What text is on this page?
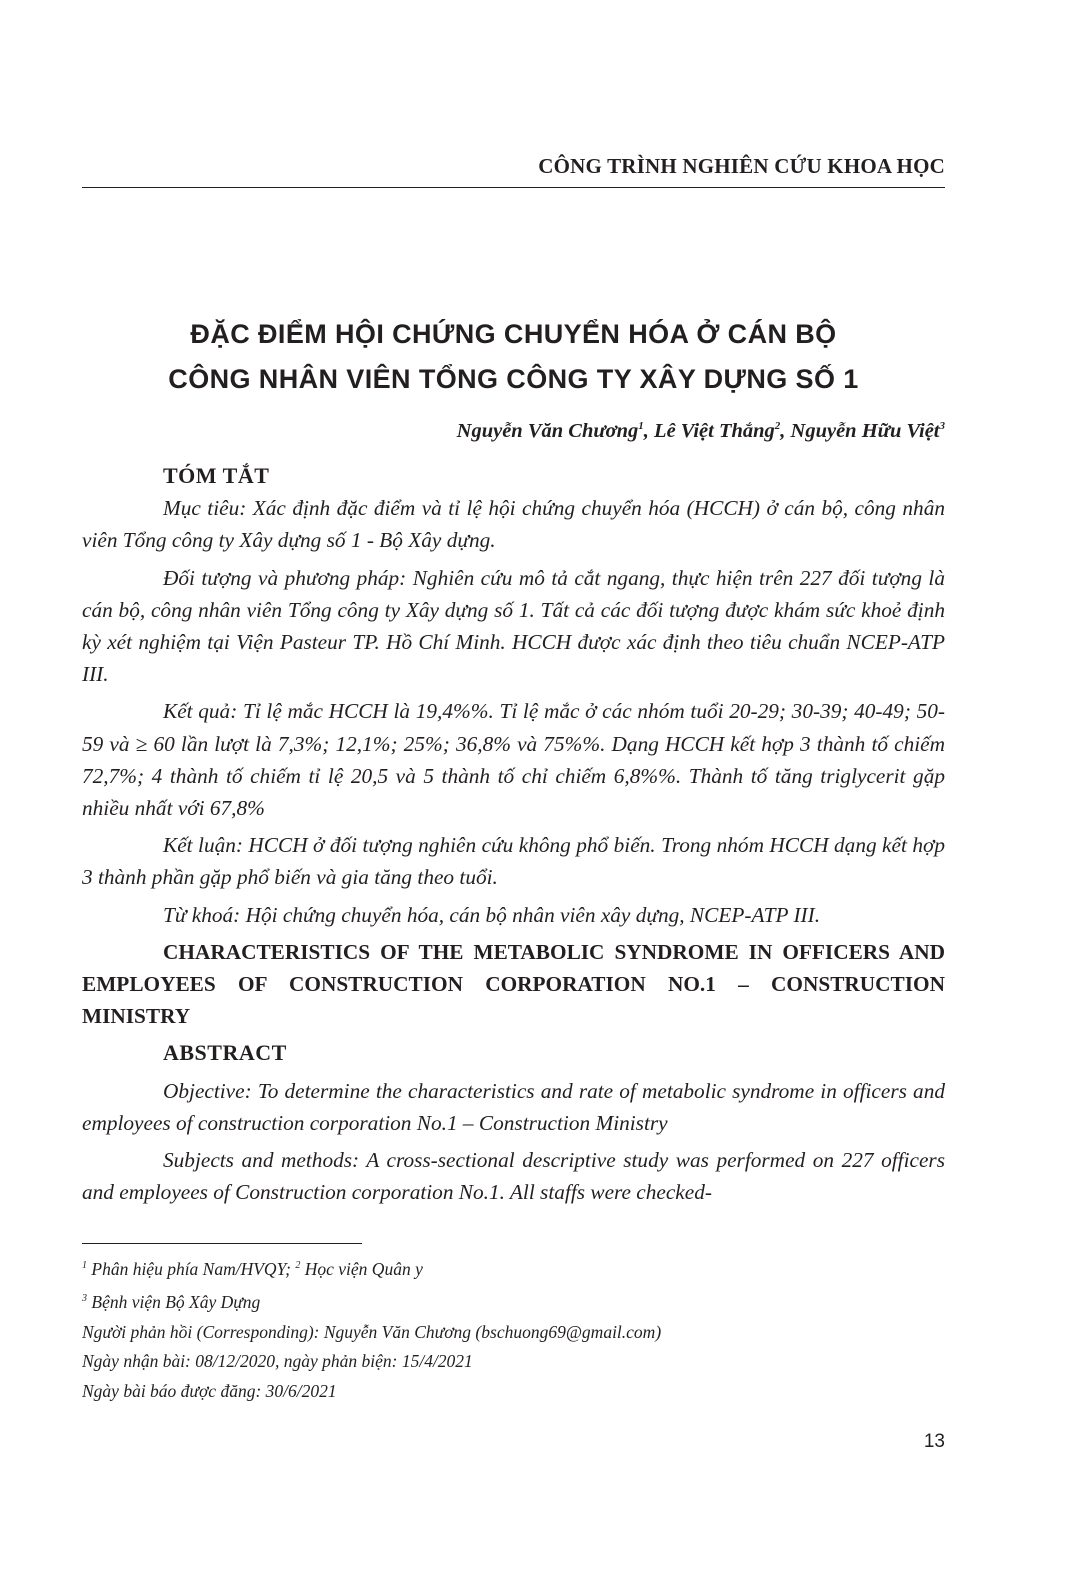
CÔNG TRÌNH NGHIÊN CỨU KHOA HỌC
ĐẶC ĐIỂM HỘI CHỨNG CHUYỂN HÓA Ở CÁN BỘ
CÔNG NHÂN VIÊN TỔNG CÔNG TY XÂY DỰNG SỐ 1
Nguyễn Văn Chương$^1$, Lê Việt Thắng$^2$, Nguyễn Hữu Việt$^3$

TÓM TẮT

Mục tiêu: Xác định đặc điểm và tỉ lệ hội chứng chuyển hóa (HCCH) ở cán bộ, công nhân viên Tổng công ty Xây dựng số 1 - Bộ Xây dựng.

Đối tượng và phương pháp: Nghiên cứu mô tả cắt ngang, thực hiện trên 227 đối tượng là cán bộ, công nhân viên Tổng công ty Xây dựng số 1. Tất cả các đối tượng được khám sức khoẻ định kỳ xét nghiệm tại Viện Pasteur TP. Hồ Chí Minh. HCCH được xác định theo tiêu chuẩn NCEP-ATP III.

Kết quả: Tỉ lệ mắc HCCH là 19,4%%. Tỉ lệ mắc ở các nhóm tuổi 20-29; 30-39; 40-49; 50-59 và ≥ 60 lần lượt là 7,3%; 12,1%; 25%; 36,8% và 75%%. Dạng HCCH kết hợp 3 thành tố chiếm 72,7%; 4 thành tố chiếm tỉ lệ 20,5 và 5 thành tố chỉ chiếm 6,8%%. Thành tố tăng triglycerit gặp nhiều nhất với 67,8%

Kết luận: HCCH ở đối tượng nghiên cứu không phổ biến. Trong nhóm HCCH dạng kết hợp 3 thành phần gặp phổ biến và gia tăng theo tuổi.

Từ khoá: Hội chứng chuyển hóa, cán bộ nhân viên xây dựng, NCEP-ATP III.

CHARACTERISTICS OF THE METABOLIC SYNDROME IN OFFICERS AND EMPLOYEES OF CONSTRUCTION CORPORATION NO.1 – CONSTRUCTION MINISTRY

ABSTRACT

Objective: To determine the characteristics and rate of metabolic syndrome in officers and employees of construction corporation No.1 – Construction Ministry

Subjects and methods: A cross-sectional descriptive study was performed on 227 officers and employees of Construction corporation No.1. All staffs were checked-

$^1$ Phân hiệu phía Nam/HVQY; $^2$ Học viện Quân y
$^3$ Bệnh viện Bộ Xây Dựng
Người phản hồi (Corresponding): Nguyễn Văn Chương (bschuong69@gmail.com)
Ngày nhận bài: 08/12/2020, ngày phản biện: 15/4/2021
Ngày bài báo được đăng: 30/6/2021
13
